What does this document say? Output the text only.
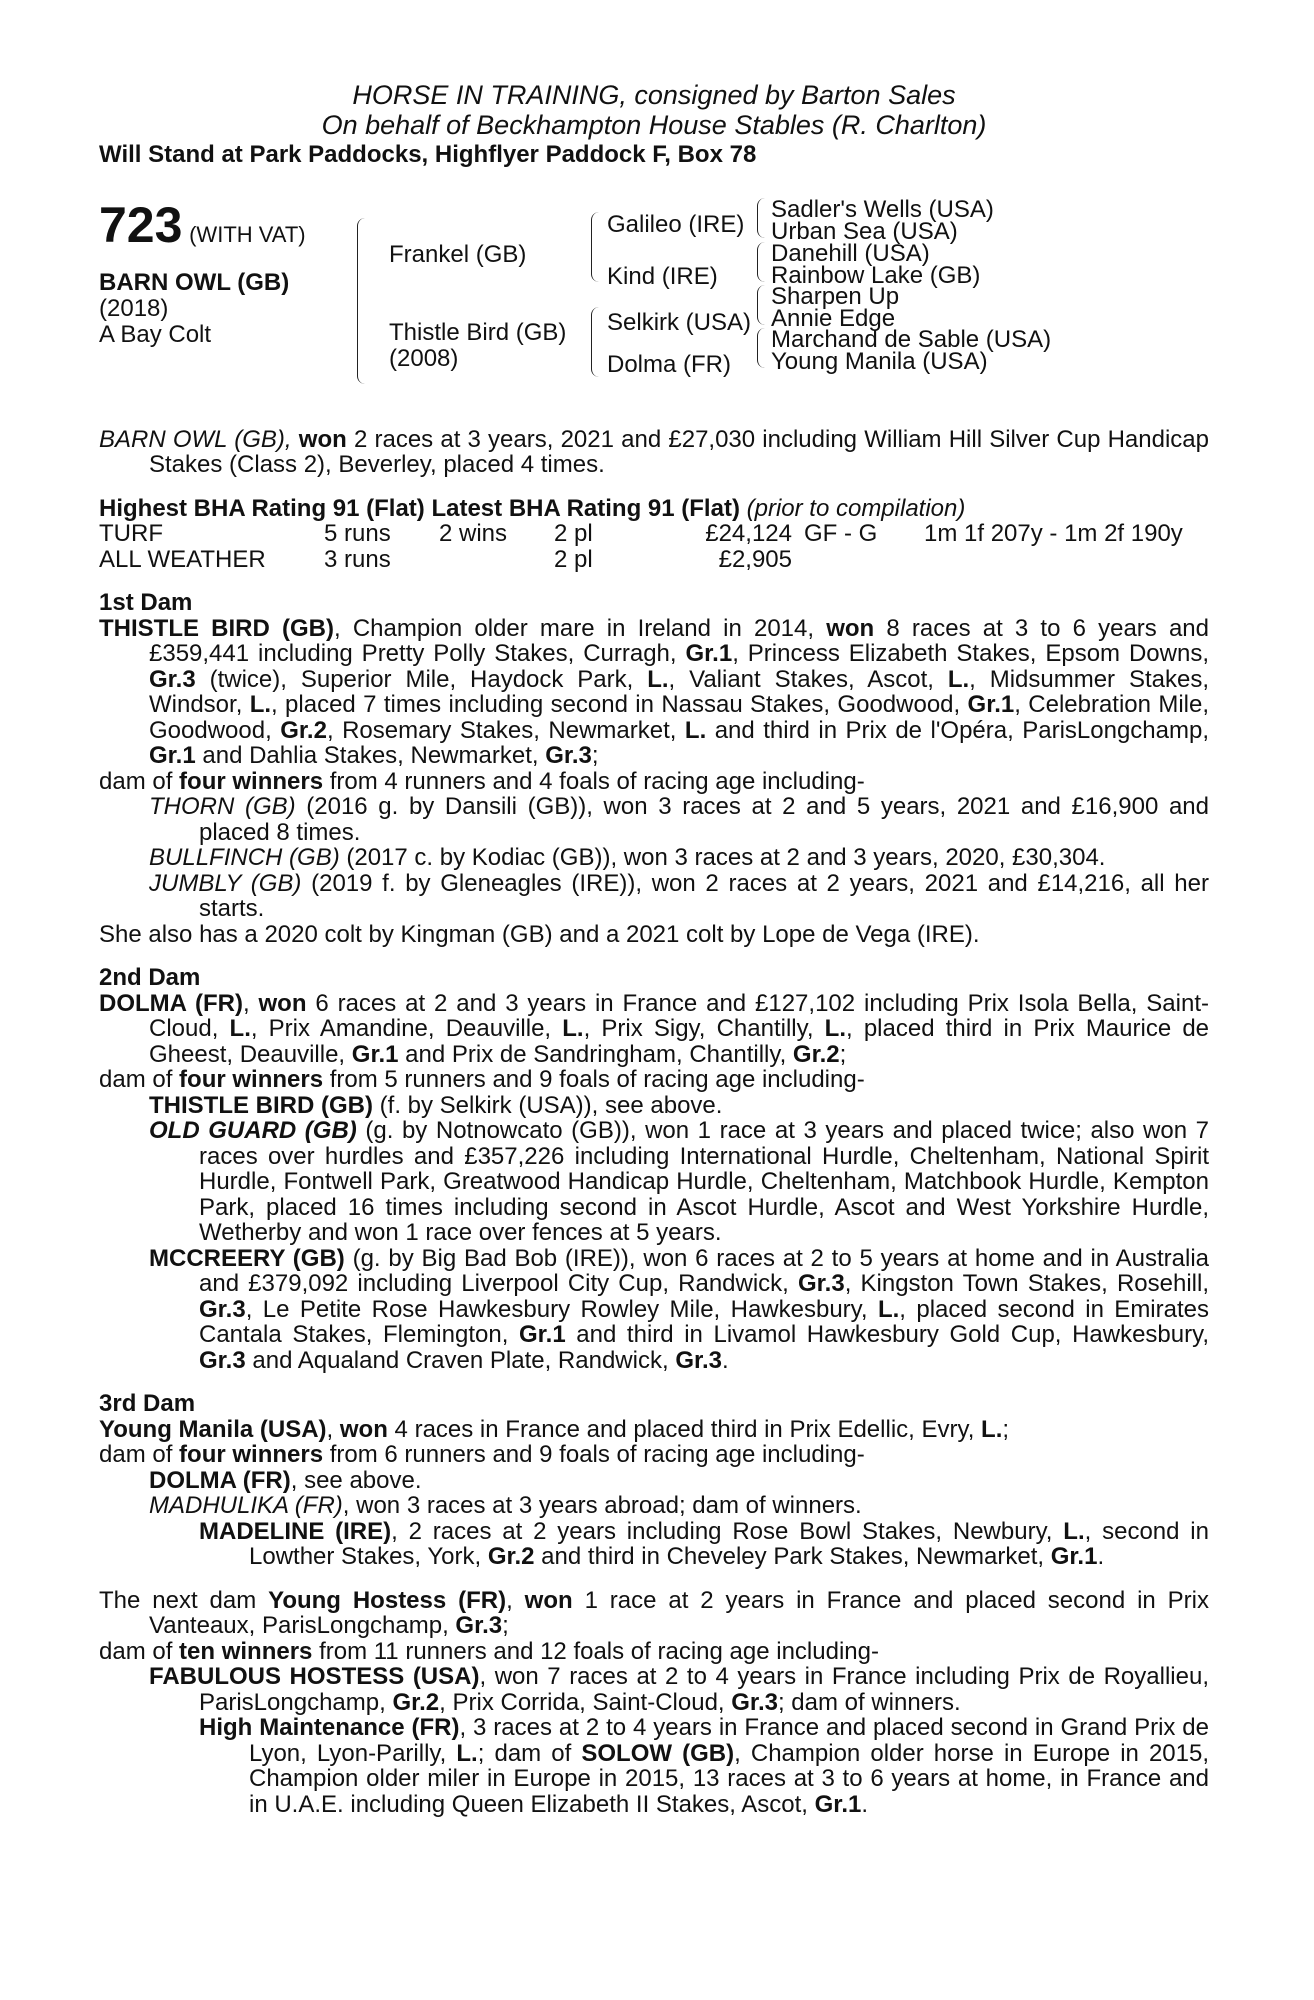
HORSE IN TRAINING, consigned by Barton Sales
On behalf of Beckhampton House Stables (R. Charlton)
Will Stand at Park Paddocks, Highflyer Paddock F, Box 78
723 (WITH VAT)
BARN OWL (GB)
(2018)
A Bay Colt
Frankel (GB)
Thistle Bird (GB)
(2008)
Galileo (IRE)
Kind (IRE)
Selkirk (USA)
Dolma (FR)
Sadler's Wells (USA)
Urban Sea (USA)
Danehill (USA)
Rainbow Lake (GB)
Sharpen Up
Annie Edge
Marchand de Sable (USA)
Young Manila (USA)

BARN OWL (GB), won 2 races at 3 years, 2021 and £27,030 including William Hill Silver Cup Handicap Stakes (Class 2), Beverley, placed 4 times.

Highest BHA Rating 91 (Flat) Latest BHA Rating 91 (Flat) (prior to compilation)
TURF	5 runs	2 wins	2 pl	£24,124 GF - G	1m 1f 207y - 1m 2f 190y
ALL WEATHER	3 runs	2 pl	£2,905
1st Dam

THISTLE BIRD (GB), Champion older mare in Ireland in 2014, won 8 races at 3 to 6 years and £359,441 including Pretty Polly Stakes, Curragh, Gr.1, Princess Elizabeth Stakes, Epsom Downs, Gr.3 (twice), Superior Mile, Haydock Park, L., Valiant Stakes, Ascot, L., Midsummer Stakes, Windsor, L., placed 7 times including second in Nassau Stakes, Goodwood, Gr.1, Celebration Mile, Goodwood, Gr.2, Rosemary Stakes, Newmarket, L. and third in Prix de l'Opéra, ParisLongchamp, Gr.1 and Dahlia Stakes, Newmarket, Gr.3;

dam of four winners from 4 runners and 4 foals of racing age including-

THORN (GB) (2016 g. by Dansili (GB)), won 3 races at 2 and 5 years, 2021 and £16,900 and placed 8 times.

BULLFINCH (GB) (2017 c. by Kodiac (GB)), won 3 races at 2 and 3 years, 2020, £30,304.

JUMBLY (GB) (2019 f. by Gleneagles (IRE)), won 2 races at 2 years, 2021 and £14,216, all her starts.

She also has a 2020 colt by Kingman (GB) and a 2021 colt by Lope de Vega (IRE).

2nd Dam

DOLMA (FR), won 6 races at 2 and 3 years in France and £127,102 including Prix Isola Bella, Saint-Cloud, L., Prix Amandine, Deauville, L., Prix Sigy, Chantilly, L., placed third in Prix Maurice de Gheest, Deauville, Gr.1 and Prix de Sandringham, Chantilly, Gr.2;

dam of four winners from 5 runners and 9 foals of racing age including-

THISTLE BIRD (GB) (f. by Selkirk (USA)), see above.

OLD GUARD (GB) (g. by Notnowcato (GB)), won 1 race at 3 years and placed twice; also won 7 races over hurdles and £357,226 including International Hurdle, Cheltenham, National Spirit Hurdle, Fontwell Park, Greatwood Handicap Hurdle, Cheltenham, Matchbook Hurdle, Kempton Park, placed 16 times including second in Ascot Hurdle, Ascot and West Yorkshire Hurdle, Wetherby and won 1 race over fences at 5 years.

MCCREERY (GB) (g. by Big Bad Bob (IRE)), won 6 races at 2 to 5 years at home and in Australia and £379,092 including Liverpool City Cup, Randwick, Gr.3, Kingston Town Stakes, Rosehill, Gr.3, Le Petite Rose Hawkesbury Rowley Mile, Hawkesbury, L., placed second in Emirates Cantala Stakes, Flemington, Gr.1 and third in Livamol Hawkesbury Gold Cup, Hawkesbury, Gr.3 and Aqualand Craven Plate, Randwick, Gr.3.

3rd Dam

Young Manila (USA), won 4 races in France and placed third in Prix Edellic, Evry, L.;

dam of four winners from 6 runners and 9 foals of racing age including-

DOLMA (FR), see above.

MADHULIKA (FR), won 3 races at 3 years abroad; dam of winners.

MADELINE (IRE), 2 races at 2 years including Rose Bowl Stakes, Newbury, L., second in Lowther Stakes, York, Gr.2 and third in Cheveley Park Stakes, Newmarket, Gr.1.

The next dam Young Hostess (FR), won 1 race at 2 years in France and placed second in Prix Vanteaux, ParisLongchamp, Gr.3;

dam of ten winners from 11 runners and 12 foals of racing age including-

FABULOUS HOSTESS (USA), won 7 races at 2 to 4 years in France including Prix de Royallieu, ParisLongchamp, Gr.2, Prix Corrida, Saint-Cloud, Gr.3; dam of winners.

High Maintenance (FR), 3 races at 2 to 4 years in France and placed second in Grand Prix de Lyon, Lyon-Parilly, L.; dam of SOLOW (GB), Champion older horse in Europe in 2015, Champion older miler in Europe in 2015, 13 races at 3 to 6 years at home, in France and in U.A.E. including Queen Elizabeth II Stakes, Ascot, Gr.1.
